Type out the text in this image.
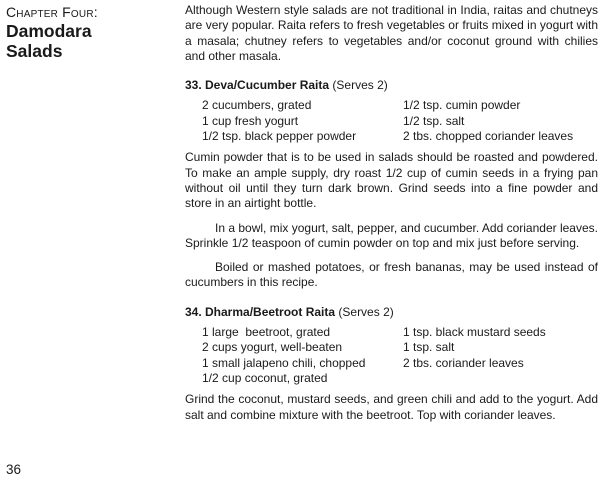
Chapter Four:
Damodara
Salads

Although Western style salads are not traditional in India, raitas and chutneys are very popular. Raita refers to fresh vegetables or fruits mixed in yogurt with a masala; chutney refers to vegetables and/or coconut ground with chilies and other masala.

33. Deva/Cucumber Raita (Serves 2)
2 cucumbers, grated	1/2 tsp. cumin powder
1 cup fresh yogurt	1/2 tsp. salt
1/2 tsp. black pepper powder	2 tbs. chopped coriander leaves

Cumin powder that is to be used in salads should be roasted and powdered. To make an ample supply, dry roast 1/2 cup of cumin seeds in a frying pan without oil until they turn dark brown. Grind seeds into a fine powder and store in an airtight bottle.

In a bowl, mix yogurt, salt, pepper, and cucumber. Add coriander leaves. Sprinkle 1/2 teaspoon of cumin powder on top and mix just before serving.

Boiled or mashed potatoes, or fresh bananas, may be used instead of cucumbers in this recipe.

34. Dharma/Beetroot Raita (Serves 2)
1 large  beetroot, grated	1 tsp. black mustard seeds
2 cups yogurt, well-beaten	1 tsp. salt
1 small jalapeno chili, chopped	2 tbs. coriander leaves
1/2 cup coconut, grated

Grind the coconut, mustard seeds, and green chili and add to the yogurt. Add salt and combine mixture with the beetroot. Top with coriander leaves.

36
